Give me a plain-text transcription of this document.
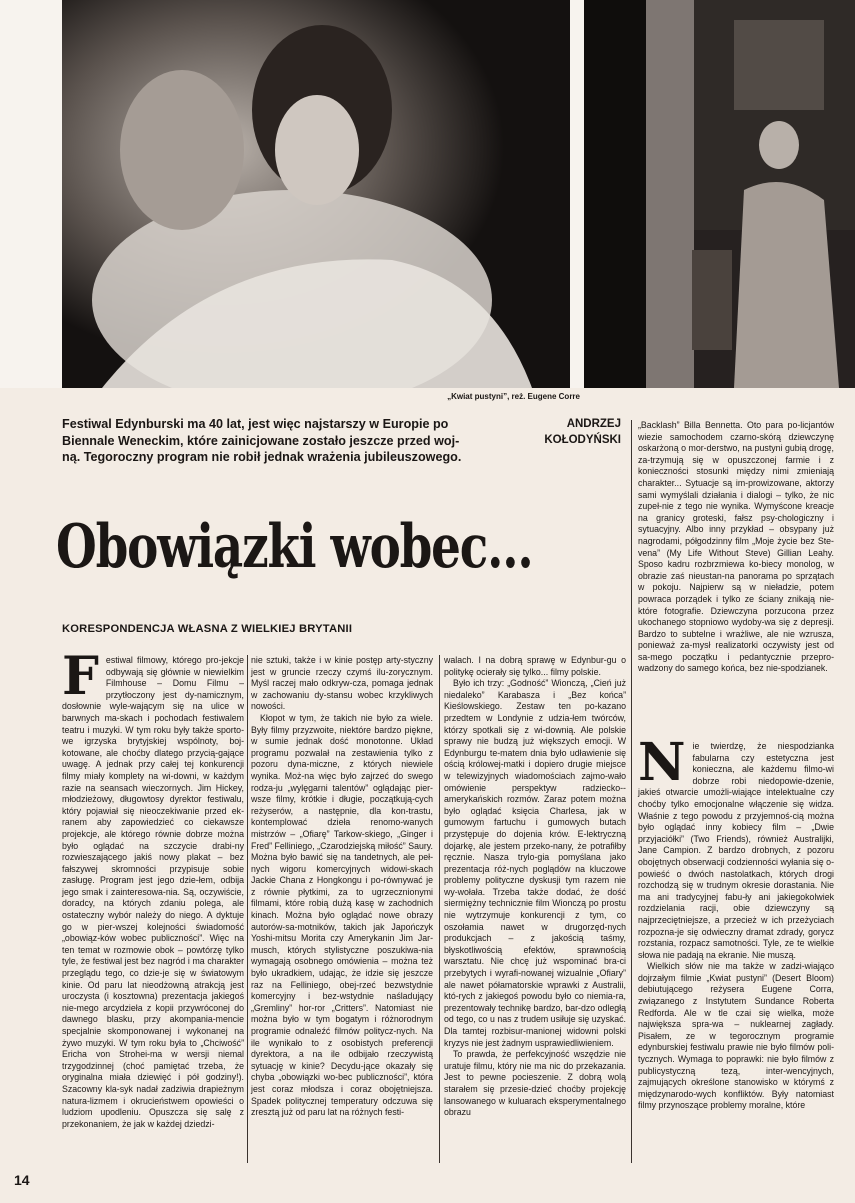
„Kwiat pustyni”, reż. Eugene Corre
Festiwal Edynburski ma 40 lat, jest więc najstarszy w Europie po
Biennale Weneckim, które zainicjowane zostało jeszcze przed woj-
ną. Tegoroczny program nie robił jednak wrażenia jubileuszowego.
ANDRZEJ
KOŁODYŃSKI
Obowiązki wobec...
KORESPONDENCJA WŁASNA Z WIELKIEJ BRYTANII
F estiwal filmowy, którego pro-jekcje odbywają się głównie w niewielkim Filmhouse – Domu Filmu – przytłoczony jest dy-namicznym, dosłownie wyle-wającym się na ulice w barwnych ma-skach i pochodach festiwalem teatru i muzyki. W tym roku były także sporto-we igrzyska brytyjskiej wspólnoty, boj-kotowane, ale choćby dlatego przycią-gające uwagę. A jednak przy całej tej konkurencji filmy miały komplety na wi-downi, w każdym razie na seansach wieczornych. Jim Hickey, młodzieżowy, długowtosy dyrektor festiwalu, który pojawiał się nieoczekiwanie przed ek-ranem aby zapowiedzieć co ciekawsze projekcje, ale którego równie dobrze można było oglądać na szczycie drabi-ny rozwieszającego jakiś nowy plakat – bez fałszywej skromności przypisuje sobie zasługę. Program jest jego dzie-łem, odbija jego smak i zainteresowa-nia. Są, oczywiście, doradcy, na których zdaniu polega, ale ostateczny wybór należy do niego. A dyktuje go w pier-wszej kolejności świadomość „obowiąz-ków wobec publiczności”. Więc na ten temat w rozmowie obok – powtórzę tylko tyle, że festiwal jest bez nagród i ma charakter przeglądu tego, co dzie-je się w światowym kinie. Od paru lat nieodżowną atrakcją jest uroczysta (i kosztowna) prezentacja jakiegoś nie-mego arcydzieła z kopii przywróconej do dawnego blasku, przy akompania-mencie specjalnie skomponowanej i wykonanej na żywo muzyki. W tym roku była to „Chciwość” Ericha von Strohei-ma w wersji niemal trzygodzinnej (choć pamiętać trzeba, że oryginalna miała dziewięć i pół godziny!). Szacowny kla-syk nadał zadziwia drapieżnym natura-lizmem i okrucieństwem opowieści o ludziom upodleniu. Opuszcza się salę z przekonaniem, że jak w każdej dziedzi-

nie sztuki, także i w kinie postęp arty-styczny jest w gruncie rzeczy czymś ilu-zorycznym. Myśl raczej mało odkryw-cza, pomaga jednak w zachowaniu dy-stansu wobec krzykliwych nowości.

Kłopot w tym, że takich nie było za wiele. Były filmy przyzwoite, niektóre bardzo piękne, w sumie jednak dość monotonne. Układ programu pozwalał na zestawienia tylko z pozoru dyna-miczne, z których niewiele wynika. Moż-na więc było zajrzeć do swego rodza-ju „wylęgarni talentów” oglądając pier-wsze filmy, krótkie i długie, początkują-cych reżyserów, a następnie, dla kon-trastu, kontemplować dzieła renomo-wanych mistrzów – „Ofiarę” Tarkow-skiego, „Ginger i Fred” Felliniego, „Czarodziejską miłość” Saury. Można było bawić się na tandetnych, ale peł-nych wigoru komercyjnych widowi-skach Jackie Chana z Hongkongu i po-równywać je z równie płytkimi, za to ugrzecznionymi filmami, które robią dużą kasę w zachodnich kinach. Można było oglądać nowe obrazy autorów-sa-motników, takich jak Japończyk Yoshi-mitsu Morita czy Amerykanin Jim Jar-musch, których stylistyczne poszukiwa-nia wymagają osobnego omówienia – można też było ukradkiem, udając, że idzie się jeszcze raz na Felliniego, obej-rzeć bezwstydnie komercyjny i bez-wstydnie naśladujący „Gremliny” hor-ror „Critters”. Natomiast nie można było w tym bogatym i różnorodnym programie odnaleźć filmów politycz-nych. Na ile wynikało to z osobistych preferencji dyrektora, a na ile odbijało rzeczywistą sytuację w kinie? Decydu-jące okazały się chyba „obowiązki wo-bec publiczności”, która jest coraz młodsza i coraz obojętniejsza. Spadek politycznej temperatury odczuwa się zresztą już od paru lat na różnych festi-

walach. I na dobrą sprawę w Edynbur-gu o politykę ocierały się tylko... filmy polskie.

Było ich trzy: „Godność” Wionczą, „Cień już niedaleko” Karabasza i „Bez końca” Kieślowskiego. Zestaw ten po-kazano przedtem w Londynie z udzia-łem twórców, którzy spotkali się z wi-downią. Ale polskie sprawy nie budzą już większych emocji. W Edynburgu te-matem dnia było udławienie się ością królowej-matki i dopiero drugie miejsce w telewizyjnych wiadomościach zajmo-wało omówienie perspektyw radziecko--amerykańskich rozmów. Zaraz potem można było oglądać księcia Charlesa, jak w gumowym fartuchu i gumowych butach przystępuje do dojenia krów. E-lektryczną dojarkę, ale jestem przeko-nany, że potrafiłby ręcznie. Nasza trylo-gia pomyślana jako prezentacja róż-nych poglądów na kluczowe problemy polityczne dyskusji tym razem nie wy-wołała. Trzeba także dodać, że dość siermiężny technicznie film Wionczą po prostu nie wytrzymuje konkurencji z tym, co oszołamia nawet w drugorzęd-nych produkcjach – z jakością taśmy, błyskotliwością efektów, sprawnością warsztatu. Nie chcę już wspominać bra-ci przebytych i wyrafi-nowanej wizualnie „Ofiary” ale nawet półamatorskie wprawki z Australii, któ-rych z jakiegoś powodu było co niemia-ra, prezentowały technikę bardzo, bar-dzo odległą od tego, co u nas z trudem usiłuje się uzyskać. Dla tamtej rozbisur-manionej widowni polski kryzys nie jest żadnym usprawiedliwieniem.

To prawda, że perfekcyjność wszędzie nie uratuje filmu, który nie ma nic do przekazania. Jest to pewne pocieszenie. Z dobrą wolą starałem się przesie-dzieć choćby projekcję lansowanego w kuluarach eksperymentalnego obrazu

„Backlash” Billa Bennetta. Oto para po-licjantów wiezie samochodem czarno-skórą dziewczynę oskarżoną o mor-derstwo, na pustyni gubią drogę, za-trzymują się w opuszczonej farmie i z konieczności stosunki między nimi zmieniają charakter... Sytuacje są im-prowizowane, aktorzy sami wymyślali działania i dialogi – tylko, że nic zupeł-nie z tego nie wynika. Wymyścone kreacje na granicy groteski, fałsz psy-chologiczny i sytuacyjny. Albo inny przykład – obsypany już nagrodami, półgodzinny film „Moje życie bez Ste-vena” (My Life Without Steve) Gillian Leahy. Sposo kadru rozbrzmiewa ko-biecy monolog, w obrazie zaś nieustan-na panorama po sprzątach w pokoju. Najpierw są w nieładzie, potem powraca porządek i tylko ze ściany znikają nie-które fotografie. Dziewczyna porzucona przez ukochanego stopniowo wydoby-wa się z depresji. Bardzo to subtelne i wrażliwe, ale nie wzrusza, ponieważ za-mysł realizatorki oczywisty jest od sa-mego początku i pedantycznie przepro-wadzony do samego końca, bez nie-spodzianek.

N ie twierdzę, że niespodzianka fabularna czy estetyczna jest konieczna, ale każdemu filmo-wi dobrze robi niedopowie-dzenie, jakieś otwarcie umożli-wiające intelektualne czy choćby tylko emocjonalne włączenie się widza. Właśnie z tego powodu z przyjemnoś-cią można było oglądać inny kobiecy film – „Dwie przyjaciółki” (Two Friends), również Australijki, Jane Campion. Z bardzo drobnych, z pozoru obojętnych obserwacji codzienności wyłania się o-powieść o dwóch nastolatkach, których drogi rozchodzą się w trudnym okresie dorastania. Nie ma ani tradycyjnej fabu-ły ani jakiegokolwiek rozdzielania racji, obie dziewczyny są najprzeciętniejsze, a przecież w ich przeżyciach rozpozna-je się odwieczny dramat zdrady, gorycz rozstania, rozpacz samotności. Tyle, ze te wielkie słowa nie padają na ekranie. Nie muszą.

Wielkich słów nie ma także w zadzi-wiająco dojrzałym filmie „Kwiat pustyni” (Desert Bloom) debiutującego reżysera Eugene Corra, związanego z Instytutem Sundance Roberta Redforda. Ale w tle czai się wielka, może największa spra-wa – nuklearnej zagłady. Pisałem, ze w tegorocznym programie edynburskiej festiwalu prawie nie było filmów poli-tycznych. Wymaga to poprawki: nie było filmów z publicystyczną tezą, inter-wencyjnych, zajmujących określone stanowisko w którymś z międzynarodo-wych konfliktów. Były natomiast filmy przynoszące problemy moralne, które

14
